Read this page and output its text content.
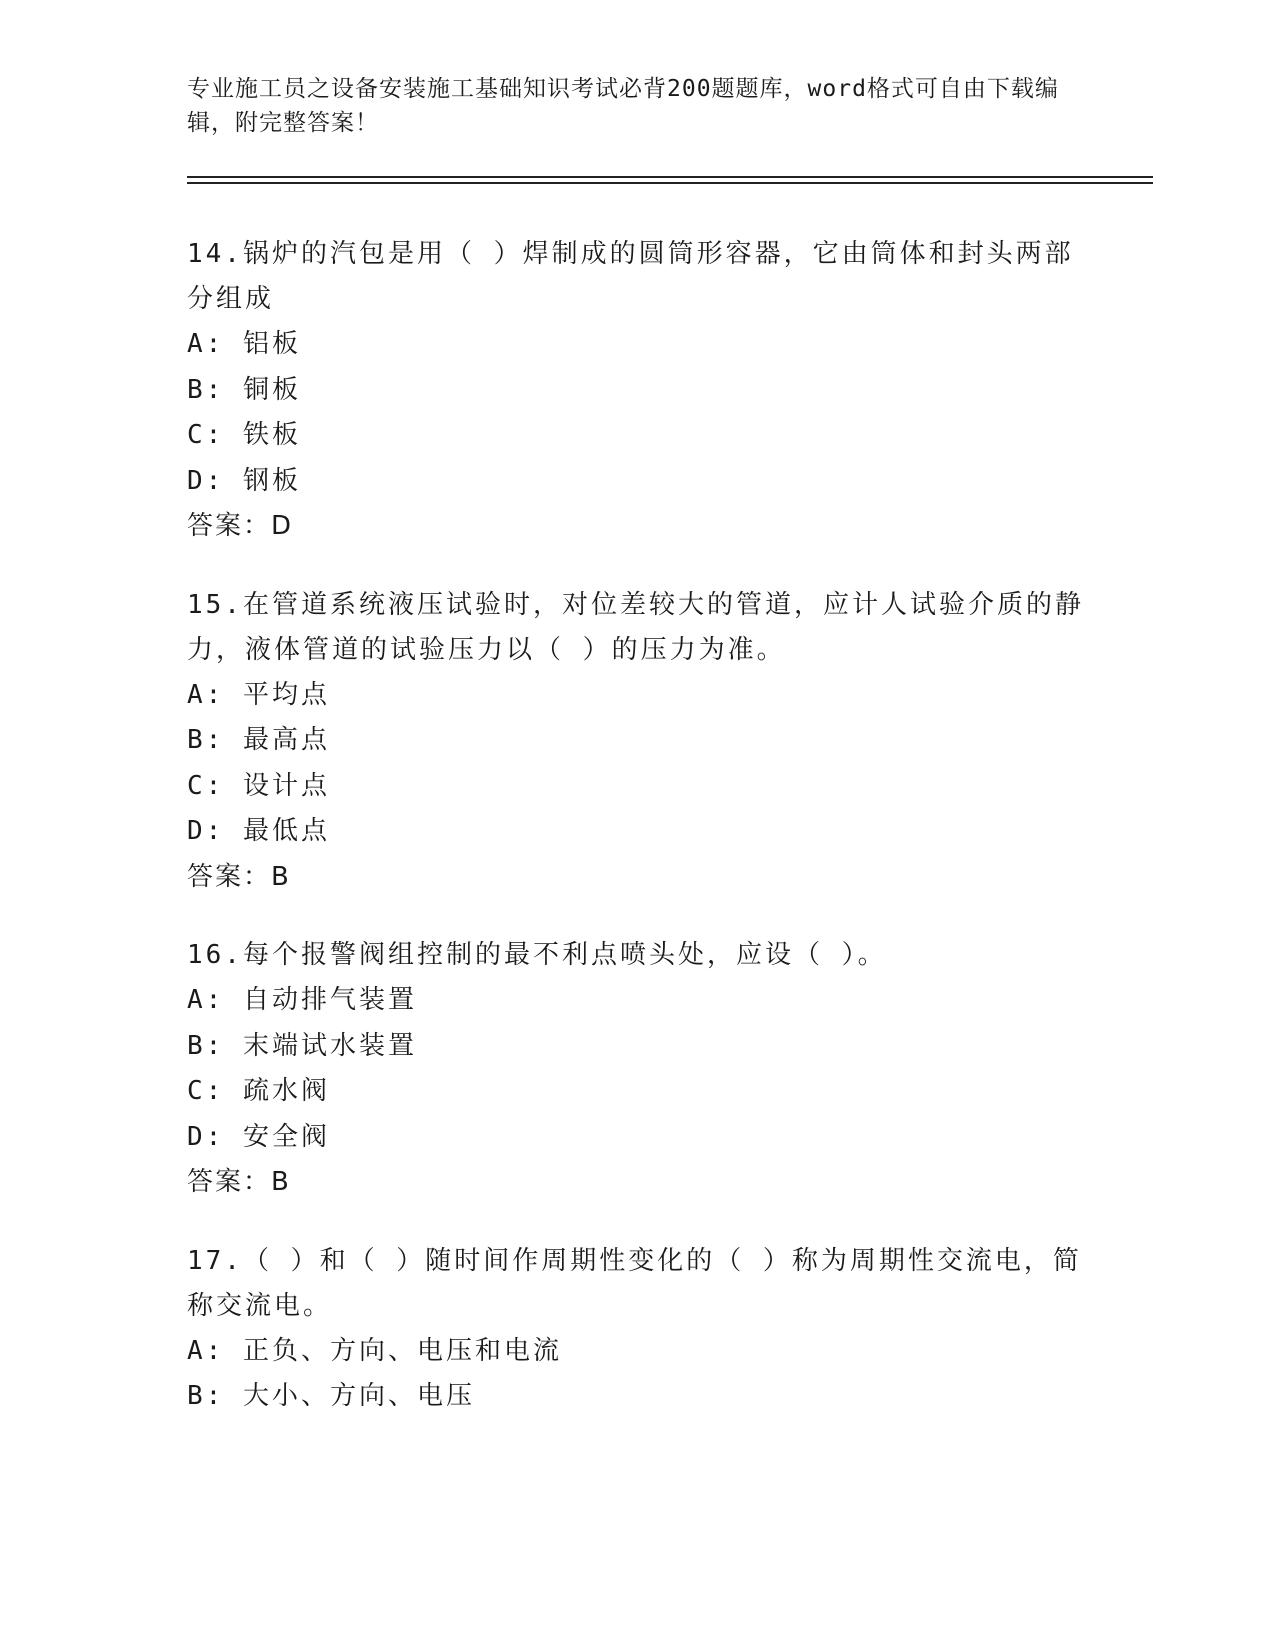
专业施工员之设备安装施工基础知识考试必背200题题库，word格式可自由下载编辑，附完整答案！
14.锅炉的汽包是用（ ）焊制成的圆筒形容器，它由筒体和封头两部分组成
A: 铝板
B: 铜板
C: 铁板
D: 钢板
答案：D
15.在管道系统液压试验时，对位差较大的管道，应计人试验介质的静力，液体管道的试验压力以（ ）的压力为准。
A: 平均点
B: 最高点
C: 设计点
D: 最低点
答案：B
16.每个报警阀组控制的最不利点喷头处，应设（ ）。
A: 自动排气装置
B: 末端试水装置
C: 疏水阀
D: 安全阀
答案：B
17.（ ）和（ ）随时间作周期性变化的（ ）称为周期性交流电，简称交流电。
A: 正负、方向、电压和电流
B: 大小、方向、电压
